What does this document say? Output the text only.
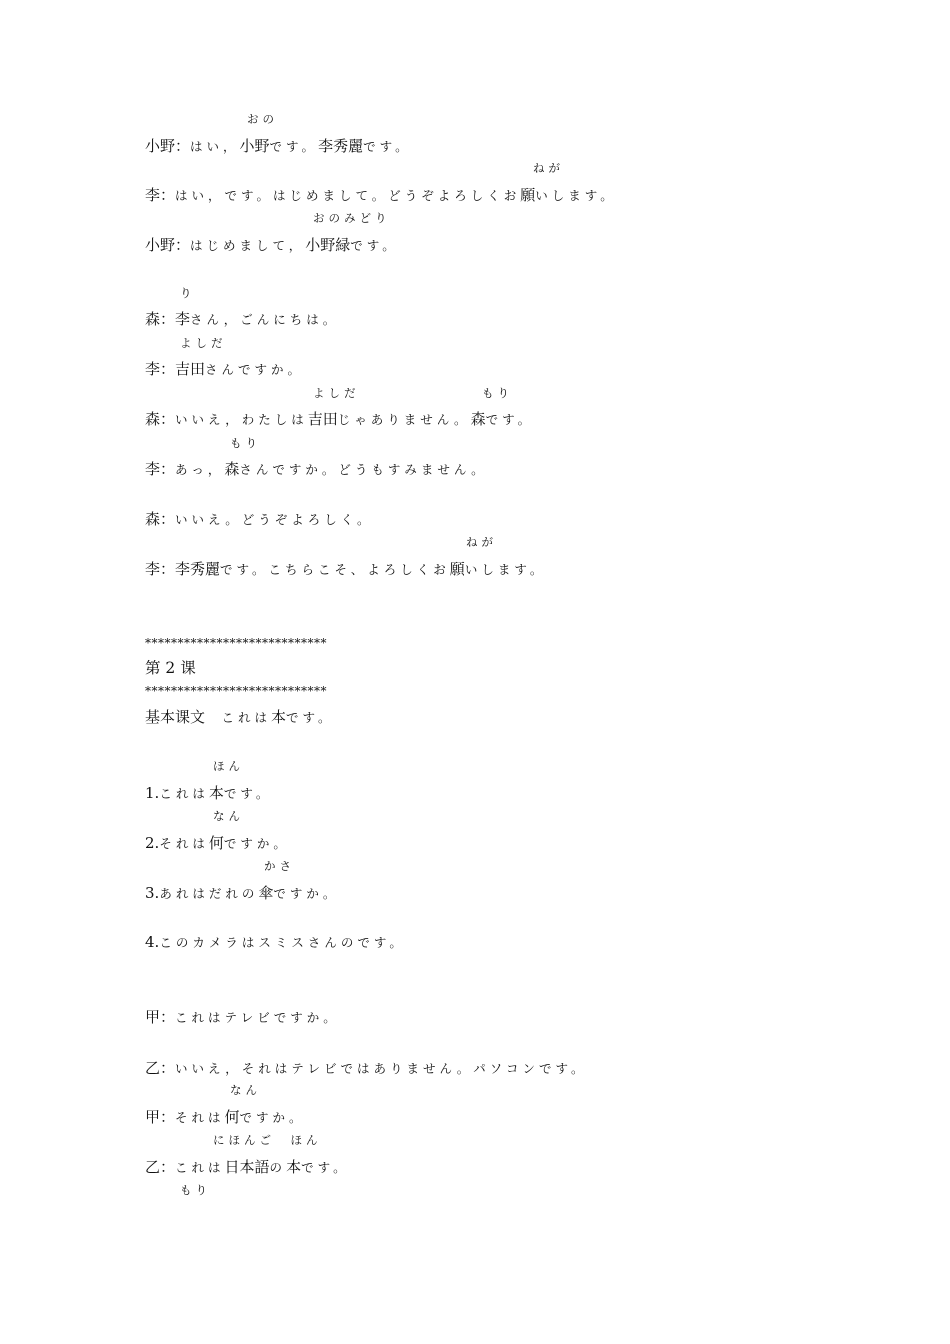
おの
小野：はい，小野です。李秀麗です。
ねが
李：はい，です。はじめまして。どうぞよろしくお願いします。
おのみどり
小野：はじめまして，小野緑です。
り
森：李さん，ごんにちは。
よしだ
李：吉田さんですか。
よしだ	もり
森：いいえ，わたしは吉田じゃありません。森です。
もり
李：あっ，森さんですか。どうもすみません。
森：いいえ。どうぞよろしく。
ねが
李：李秀麗です。こちらこそ、よろしくお願いします。
****************************
第 2 课
****************************
基本课文　これは本です。
ほん
1.これは本です。
なん
2.それは何ですか。
かさ
3.あれはだれの傘ですか。
4.このカメラはスミスさんのです。
甲：これはテレビですか。
乙：いいえ，それはテレビではありません。パソコンです。
なん
甲：それは何ですか。
にほんご　ほん
乙：これは日本語の本です。
もり
